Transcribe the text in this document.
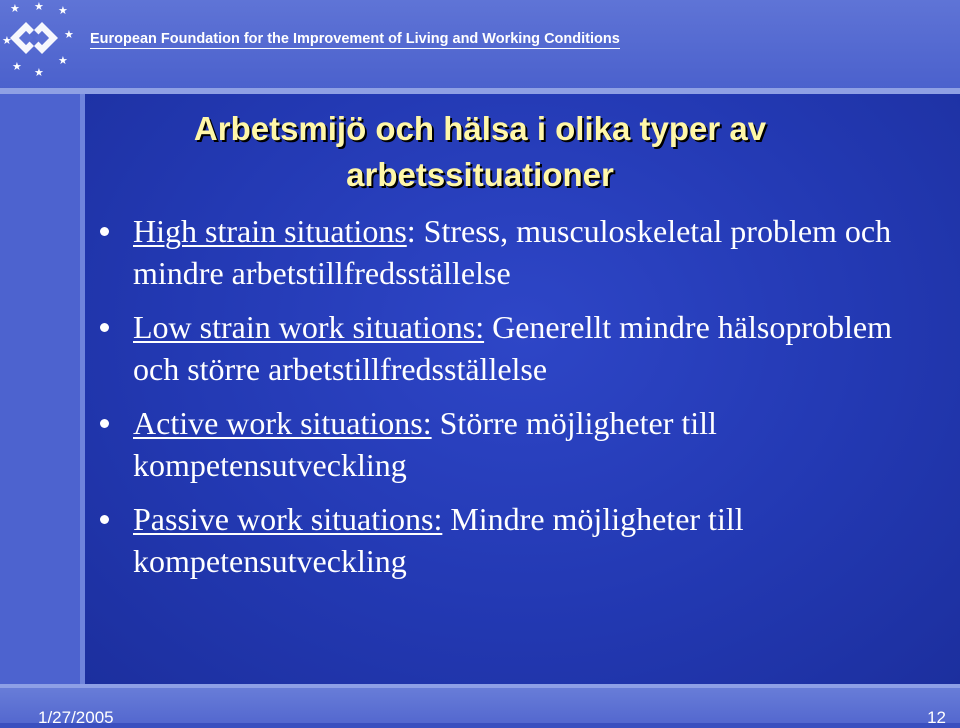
★ ★ ★
★
★
★
★
★	European Foundation for the Improvement of Living and Working Conditions
Arbetsmijö och hälsa i olika typer av
arbetssituationer
High strain situations: Stress, musculoskeletal problem och mindre arbetstillfredsställelse
Low strain work situations: Generellt mindre hälsoproblem och större arbetstillfredsställelse
Active work situations: Större möjligheter till kompetensutveckling
Passive work situations: Mindre möjligheter till kompetensutveckling
1/27/2005	12
